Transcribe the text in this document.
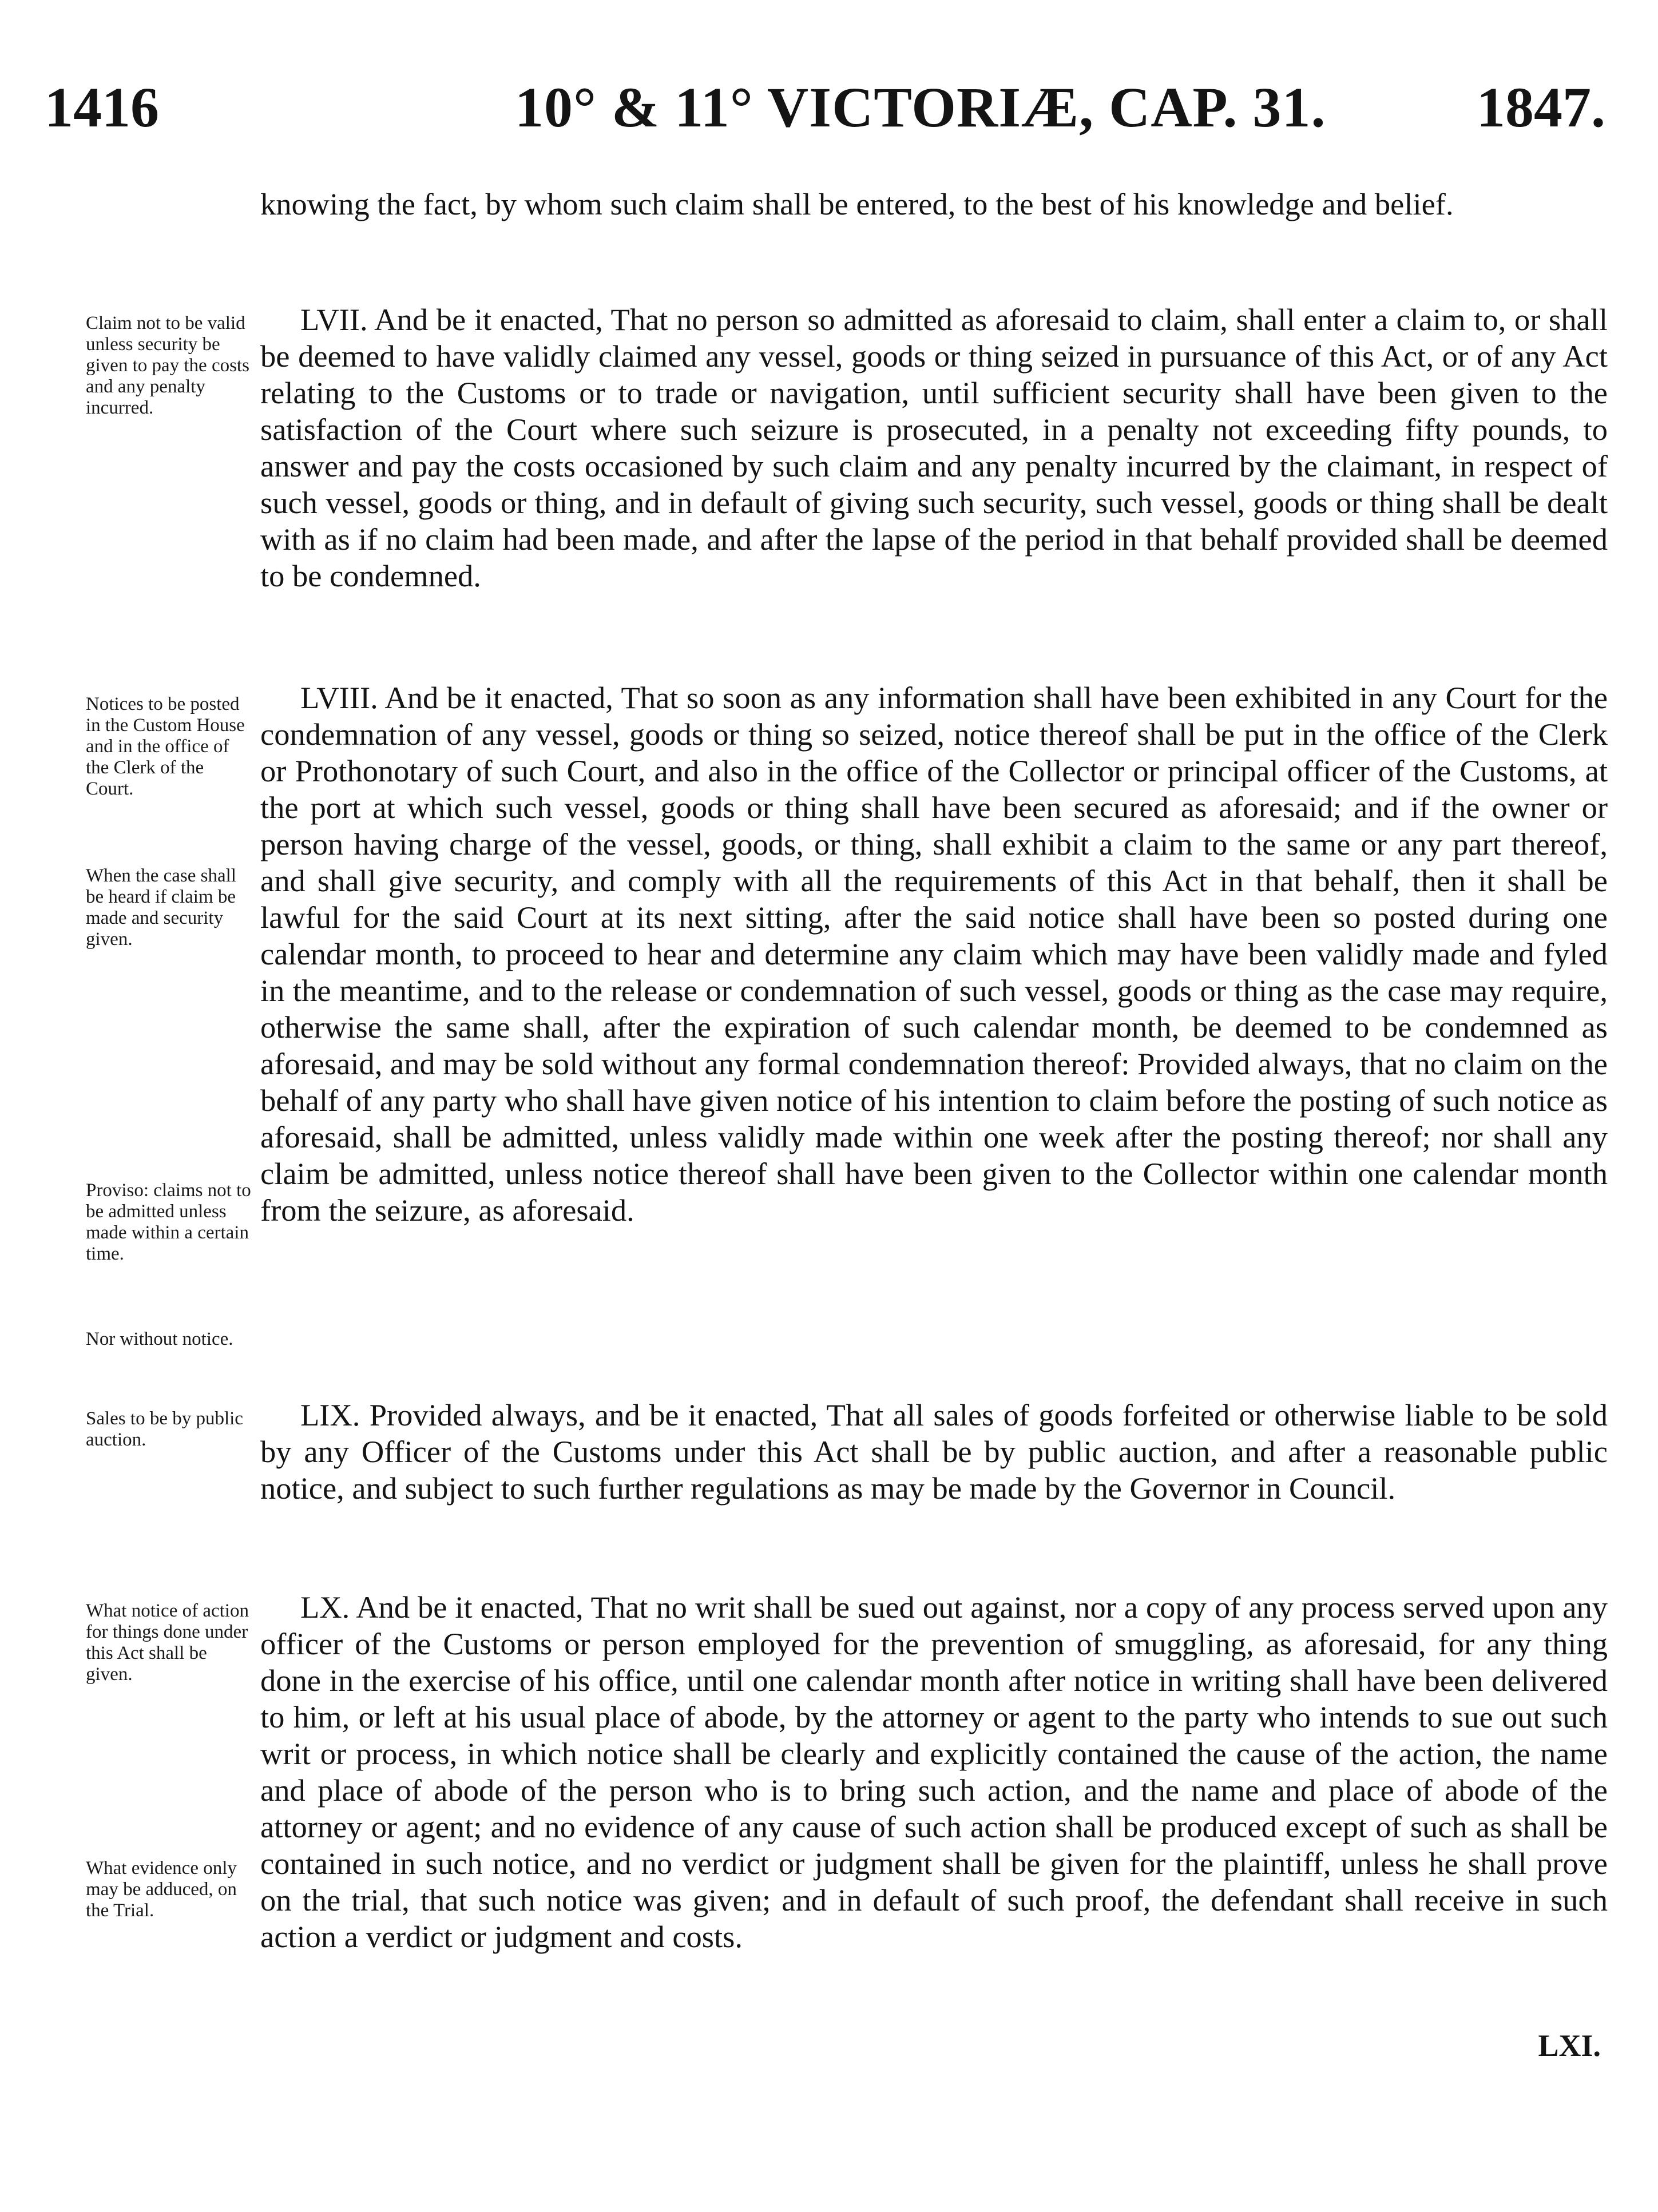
1416	10° & 11° VICTORIÆ, CAP. 31.	1847.

knowing the fact, by whom such claim shall be entered, to the best of his knowledge and belief.

Claim not to be valid unless security be given to pay the costs and any penalty incurred.

LVII. And be it enacted, That no person so admitted as aforesaid to claim, shall enter a claim to, or shall be deemed to have validly claimed any vessel, goods or thing seized in pursuance of this Act, or of any Act relating to the Customs or to trade or navigation, until sufficient security shall have been given to the satisfaction of the Court where such seizure is prosecuted, in a penalty not exceeding fifty pounds, to answer and pay the costs occasioned by such claim and any penalty incurred by the claimant, in respect of such vessel, goods or thing, and in default of giving such security, such vessel, goods or thing shall be dealt with as if no claim had been made, and after the lapse of the period in that behalf provided shall be deemed to be condemned.

Notices to be posted in the Custom House and in the office of the Clerk of the Court.

When the case shall be heard if claim be made and security given.

Proviso: claims not to be admitted unless made within a certain time.

Nor without notice.

LVIII. And be it enacted, That so soon as any information shall have been exhibited in any Court for the condemnation of any vessel, goods or thing so seized, notice thereof shall be put in the office of the Clerk or Prothonotary of such Court, and also in the office of the Collector or principal officer of the Customs, at the port at which such vessel, goods or thing shall have been secured as aforesaid; and if the owner or person having charge of the vessel, goods, or thing, shall exhibit a claim to the same or any part thereof, and shall give security, and comply with all the requirements of this Act in that behalf, then it shall be lawful for the said Court at its next sitting, after the said notice shall have been so posted during one calendar month, to proceed to hear and determine any claim which may have been validly made and fyled in the meantime, and to the release or condemnation of such vessel, goods or thing as the case may require, otherwise the same shall, after the expiration of such calendar month, be deemed to be condemned as aforesaid, and may be sold without any formal condemnation thereof: Provided always, that no claim on the behalf of any party who shall have given notice of his intention to claim before the posting of such notice as aforesaid, shall be admitted, unless validly made within one week after the posting thereof; nor shall any claim be admitted, unless notice thereof shall have been given to the Collector within one calendar month from the seizure, as aforesaid.

Sales to be by public auction.

LIX. Provided always, and be it enacted, That all sales of goods forfeited or otherwise liable to be sold by any Officer of the Customs under this Act shall be by public auction, and after a reasonable public notice, and subject to such further regulations as may be made by the Governor in Council.

What notice of action for things done under this Act shall be given.

What evidence only may be adduced, on the Trial.

LX. And be it enacted, That no writ shall be sued out against, nor a copy of any process served upon any officer of the Customs or person employed for the prevention of smuggling, as aforesaid, for any thing done in the exercise of his office, until one calendar month after notice in writing shall have been delivered to him, or left at his usual place of abode, by the attorney or agent to the party who intends to sue out such writ or process, in which notice shall be clearly and explicitly contained the cause of the action, the name and place of abode of the person who is to bring such action, and the name and place of abode of the attorney or agent; and no evidence of any cause of such action shall be produced except of such as shall be contained in such notice, and no verdict or judgment shall be given for the plaintiff, unless he shall prove on the trial, that such notice was given; and in default of such proof, the defendant shall receive in such action a verdict or judgment and costs.

LXI.
